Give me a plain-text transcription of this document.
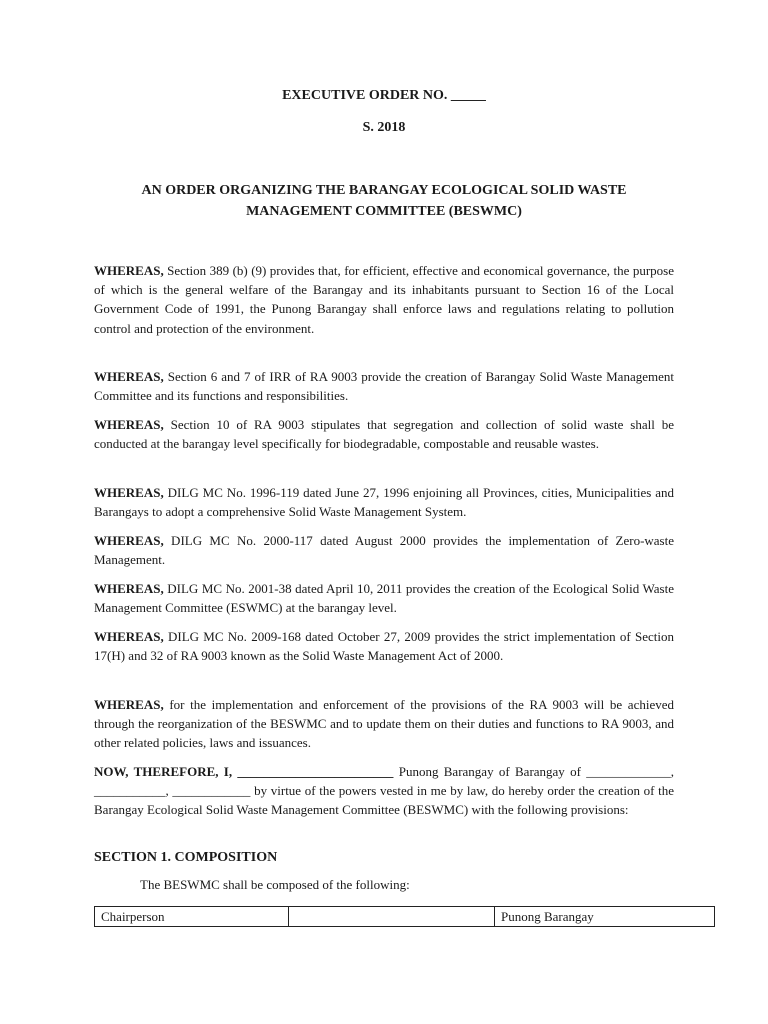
EXECUTIVE ORDER NO. _____
S. 2018
AN ORDER ORGANIZING THE BARANGAY ECOLOGICAL SOLID WASTE
MANAGEMENT COMMITTEE (BESWMC)

WHEREAS, Section 389 (b) (9) provides that, for efficient, effective and economical governance, the purpose of which is the general welfare of the Barangay and its inhabitants pursuant to Section 16 of the Local Government Code of 1991, the Punong Barangay shall enforce laws and regulations relating to pollution control and protection of the environment.

WHEREAS, Section 6 and 7 of IRR of RA 9003 provide the creation of Barangay Solid Waste Management Committee and its functions and responsibilities.

WHEREAS, Section 10 of RA 9003 stipulates that segregation and collection of solid waste shall be conducted at the barangay level specifically for biodegradable, compostable and reusable wastes.

WHEREAS, DILG MC No. 1996-119 dated June 27, 1996 enjoining all Provinces, cities, Municipalities and Barangays to adopt a comprehensive Solid Waste Management System.

WHEREAS, DILG MC No. 2000-117 dated August 2000 provides the implementation of Zero-waste Management.

WHEREAS, DILG MC No. 2001-38 dated April 10, 2011 provides the creation of the Ecological Solid Waste Management Committee (ESWMC) at the barangay level.

WHEREAS, DILG MC No. 2009-168 dated October 27, 2009 provides the strict implementation of Section 17(H) and 32 of RA 9003 known as the Solid Waste Management Act of 2000.

WHEREAS, for the implementation and enforcement of the provisions of the RA 9003 will be achieved through the reorganization of the BESWMC and to update them on their duties and functions to RA 9003, and other related policies, laws and issuances.

NOW, THEREFORE, I, ________________________ Punong Barangay of Barangay of _____________, ___________, ____________ by virtue of the powers vested in me by law, do hereby order the creation of the Barangay Ecological Solid Waste Management Committee (BESWMC) with the following provisions:

SECTION 1. COMPOSITION
The BESWMC shall be composed of the following:
Chairperson		Punong Barangay
